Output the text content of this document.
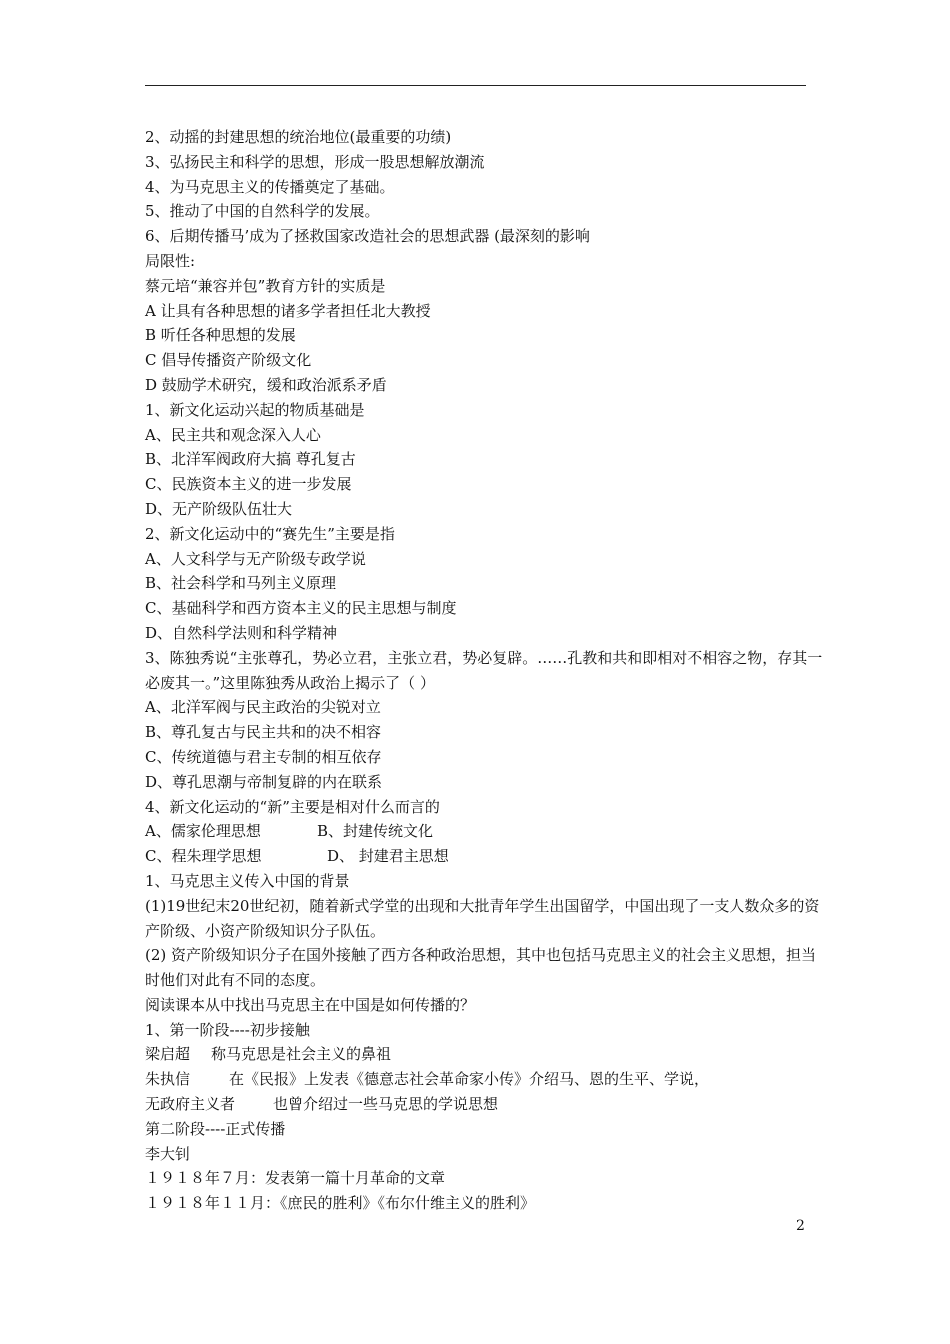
2、动摇的封建思想的统治地位(最重要的功绩)
3、弘扬民主和科学的思想，形成一股思想解放潮流
4、为马克思主义的传播奠定了基础。
5、推动了中国的自然科学的发展。
6、后期传播马’成为了拯救国家改造社会的思想武器 (最深刻的影响
局限性:
蔡元培“兼容并包”教育方针的实质是
A 让具有各种思想的诸多学者担任北大教授
B 听任各种思想的发展
C 倡导传播资产阶级文化
D 鼓励学术研究，缓和政治派系矛盾
1、新文化运动兴起的物质基础是
A、民主共和观念深入人心
B、北洋军阀政府大搞 尊孔复古
C、民族资本主义的进一步发展
D、无产阶级队伍壮大
2、新文化运动中的“赛先生”主要是指
A、人文科学与无产阶级专政学说
B、社会科学和马列主义原理
C、基础科学和西方资本主义的民主思想与制度
D、自然科学法则和科学精神
3、陈独秀说“主张尊孔，势必立君，主张立君，势必复辟。……孔教和共和即相对不相容之物，存其一必废其一。”这里陈独秀从政治上揭示了（ ）
A、北洋军阀与民主政治的尖锐对立
B、尊孔复古与民主共和的决不相容
C、传统道德与君主专制的相互依存
D、尊孔思潮与帝制复辟的内在联系
4、新文化运动的“新”主要是相对什么而言的
A、儒家伦理思想	B、封建传统文化
C、程朱理学思想	D、 封建君主思想
1、马克思主义传入中国的背景
(1)19世纪末20世纪初，随着新式学堂的出现和大批青年学生出国留学，中国出现了一支人数众多的资产阶级、小资产阶级知识分子队伍。
(2) 资产阶级知识分子在国外接触了西方各种政治思想，其中也包括马克思主义的社会主义思想，担当时他们对此有不同的态度。
阅读课本从中找出马克思主在中国是如何传播的？
1、第一阶段----初步接触
梁启超 称马克思是社会主义的鼻祖
朱执信	在《民报》上发表《德意志社会革命家小传》介绍马、恩的生平、学说，
无政府主义者	也曾介绍过一些马克思的学说思想
第二阶段----正式传播
李大钊
１９１８年７月：发表第一篇十月革命的文章
１９１８年１１月：《庶民的胜利》《布尔什维主义的胜利》
2
